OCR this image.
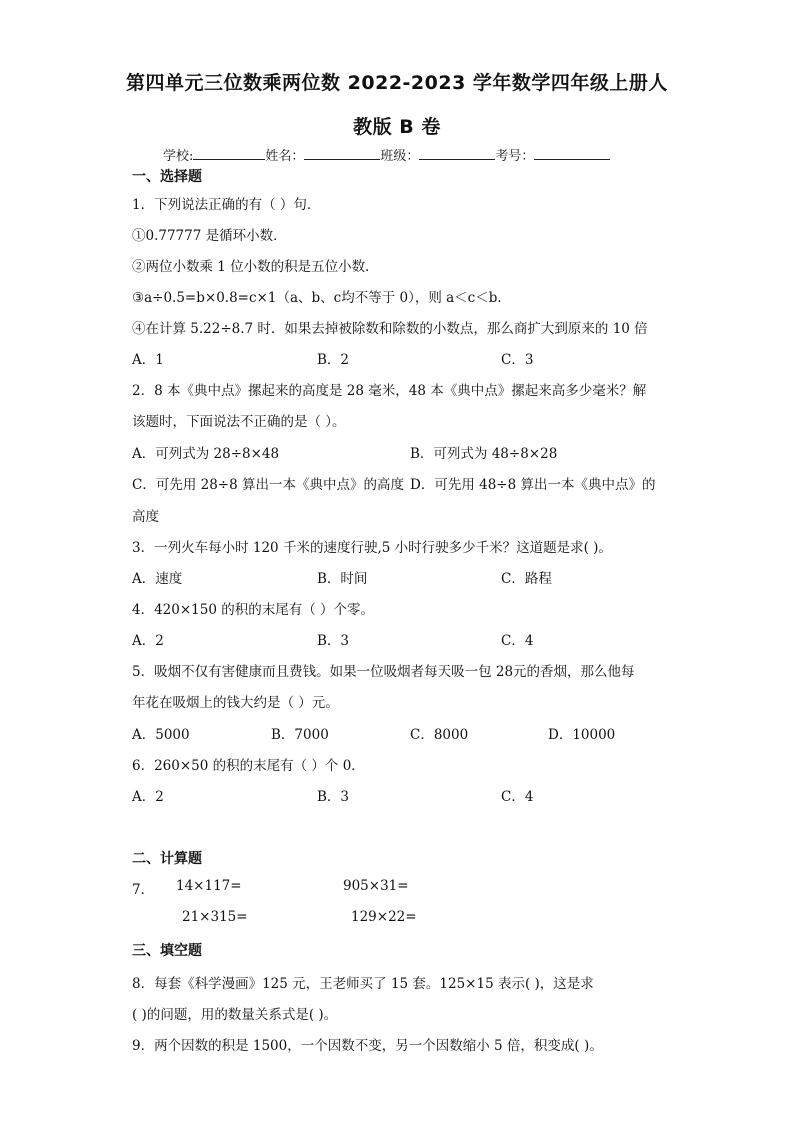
第四单元三位数乘两位数 2022-2023 学年数学四年级上册人
教版 B 卷
学校:	姓名：	班级：	考号：
一、选择题
1．下列说法正确的有（ ）句．
①0.77777 是循环小数．
②两位小数乘 1 位小数的积是五位小数．
③a÷0.5=b×0.8=c×1（a、b、c均不等于 0），则 a＜c＜b．
④在计算 5.22÷8.7 时．如果去掉被除数和除数的小数点，那么商扩大到原来的 10 倍
A．1	B．2	C．3
2．8 本《典中点》摞起来的高度是 28 毫米，48 本《典中点》摞起来高多少毫米？解
该题时，下面说法不正确的是（ ）。
A．可列式为 28÷8×48	B．可列式为 48÷8×28
C．可先用 28÷8 算出一本《典中点》的高度 D．可先用 48÷8 算出一本《典中点》的
高度
3．一列火车每小时 120 千米的速度行驶,5 小时行驶多少千米？这道题是求( )。
A．速度	B．时间	C．路程
4．420×150 的积的末尾有（ ）个零。
A．2	B．3	C．4
5．吸烟不仅有害健康而且费钱。如果一位吸烟者每天吸一包 28元的香烟，那么他每
年花在吸烟上的钱大约是（ ）元。
A．5000	B．7000	C．8000	D．10000
6．260×50 的积的末尾有（ ）个 0．
A．2	B．3	C．4
二、计算题
7． 14×117=	905×31=
21×315=	129×22=
三、填空题
8．每套《科学漫画》125 元，王老师买了 15 套。125×15 表示( )，这是求
( )的问题，用的数量关系式是( )。
9．两个因数的积是 1500，一个因数不变，另一个因数缩小 5 倍，积变成( )。
